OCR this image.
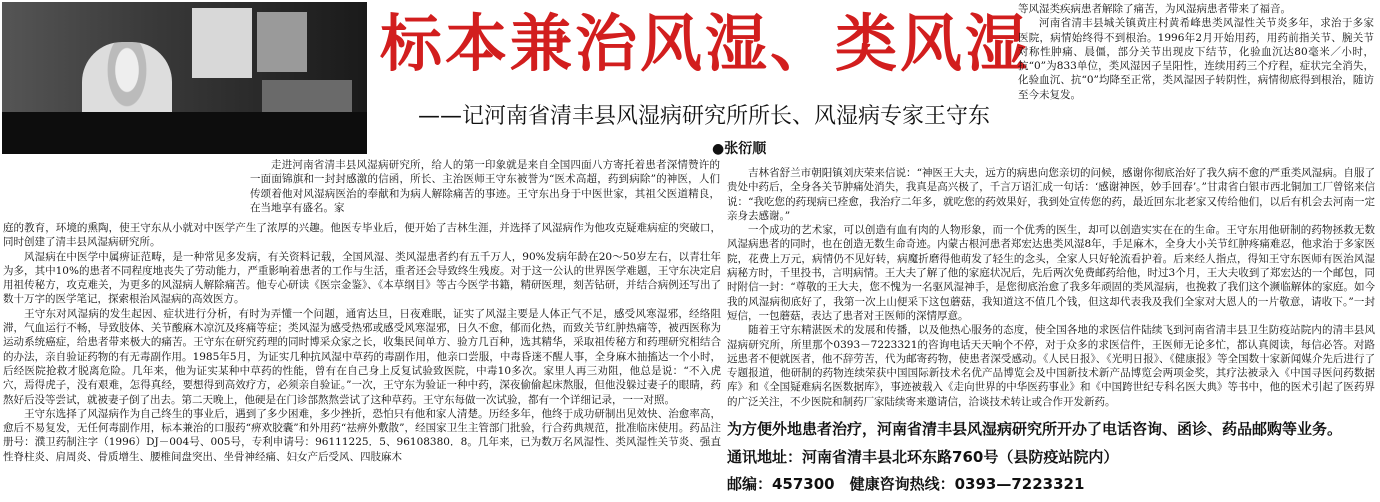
标本兼治风湿、类风湿
——记河南省清丰县风湿病研究所所长、风湿病专家王守东
●张衍顺

走进河南省清丰县风湿病研究所，给人的第一印象就是来自全国四面八方寄托着患者深情赞许的一面面锦旗和一封封感激的信函，所长、主治医师王守东被誉为“医术高超，药到病除”的神医，人们传颂着他对风湿病医治的奉献和为病人解除痛苦的事迹。王守东出身于中医世家，其祖父医道精良，在当地享有盛名。家

庭的教育，环境的熏陶，使王守东从小就对中医学产生了浓厚的兴趣。他医专毕业后，便开始了吉林生涯，并选择了风湿病作为他攻克疑难病症的突破口，同时创建了清丰县风湿病研究所。

风湿病在中医学中属痹证范畴，是一种常见多发病，有关资料记载，全国风湿、类风湿患者约有五千万人，90%发病年龄在20～50岁左右，以青壮年为多，其中10%的患者不同程度地丧失了劳动能力，严重影响着患者的工作与生活，重者还会导致终生残废。对于这一公认的世界医学难题，王守东决定启用祖传秘方，攻克难关，为更多的风湿病人解除痛苦。他专心研读《医宗金鉴》、《本草纲目》等古今医学书籍，精研医理，刻苦钻研，并结合病例还写出了数十万字的医学笔记，探索根治风湿病的高效医方。

王守东对风湿病的发生起因、症状进行分析，有时为弄懂一个问题，通宵达旦，日夜难眠，证实了风湿主要是人体正气不足，感受风寒湿邪，经络阻滞，气血运行不畅，导致肢体、关节酸麻木凉沉及疼痛等症；类风湿为感受热邪或感受风寒湿邪，日久不愈，郁而化热，而致关节红肿热痛等，被西医称为运动系统癌症，给患者带来极大的痛苦。王守东在研究药理的同时博采众家之长，收集民间单方、验方几百种，选其精华，采取祖传秘方和药理研究相结合的办法，亲自验证药物的有无毒副作用。1985年5月，为证实几种抗风湿中草药的毒副作用，他亲口尝服，中毒昏迷不醒人事，全身麻木抽搐达一个小时，后经医院抢救才脱离危险。几年来，他为证实某种中草药的性能，曾有在自己身上反复试验致医院，中毒10多次。家里人再三劝阻，他总是说：“不入虎穴，焉得虎子，没有艰难，怎得真经，要想得到高效疗方，必须亲自验证。”一次，王守东为验证一种中药，深夜偷偷起床熬服，但他没躲过妻子的眼睛，药熬好后没等尝试，就被妻子倒了出去。第二天晚上，他硬是在门诊部熬熬尝试了这种草药。王守东每做一次试验，都有一个详细记录，一一对照。

王守东选择了风湿病作为自己终生的事业后，遇到了多少困难，多少挫折，恐怕只有他和家人清楚。历经多年，他终于成功研制出见效快、治愈率高，愈后不易复发，无任何毒副作用，标本兼治的口服药“痹欢胶囊”和外用药“祛痹外敷散”，经国家卫生主管部门批验，行合药典规范，批准临床使用。药品注册号：濮卫药制注字（1996）DJ－004号、005号，专利申请号：96111225．5、96108380．8。几年来，已为数万名风湿性、类风湿性关节炎、强直性脊柱炎、肩周炎、骨质增生、腰椎间盘突出、坐骨神经痛、妇女产后受风、四肢麻木

等风湿类疾病患者解除了痛苦，为风湿病患者带来了福音。

河南省清丰县城关镇黄庄村黄希峰患类风湿性关节炎多年，求治于多家医院，病情始终得不到根治。1996年2月开始用药，用药前指关节、腕关节对称性肿痛、晨僵，部分关节出现皮下结节，化验血沉达80毫米／小时，抗“0”为833单位，类风湿因子呈阳性，连续用药三个疗程，症状完全消失，化验血沉、抗“0”均降至正常，类风湿因子转阴性，病情彻底得到根治，随访至今未复发。

吉林省舒兰市朝阳镇刘庆荣来信说：“神医王大夫，远方的病患向您亲切的问候，感谢你彻底治好了我久病不愈的严重类风湿病。自服了贵处中药后，全身各关节肿痛处消失，我真是高兴极了，千言万语汇成一句话：‘感谢神医，妙手回春’。”甘肃省白银市西北铜加工厂曾铭来信说：“我吃您的药现病已痊愈，我治疗二年多，就吃您的药效果好，我到处宣传您的药，最近回东北老家又传给他们，以后有机会去河南一定亲身去感谢。”

一个成功的艺术家，可以创造有血有肉的人物形象，而一个优秀的医生，却可以创造实实在在的生命。王守东用他研制的药物拯救无数风湿病患者的同时，也在创造无数生命奇迹。内蒙古根河患者郑宏达患类风湿8年，手足麻木，全身大小关节红肿疼痛难忍，他求治于多家医院，花费上万元，病情仍不见好转，病魔折磨得他萌发了轻生的念头，全家人只好轮流看护着。后来经人指点，得知王守东医师有医治风湿病秘方时，千里投书，言明病情。王大夫了解了他的家庭状况后，先后两次免费邮药给他，时过3个月，王大夫收到了郑宏达的一个邮包，同时附信一封：“尊敬的王大夫，您不愧为一名驱风湿神手，是您彻底治愈了我多年顽固的类风湿病，也挽救了我们这个濒临解体的家庭。如今我的风湿病彻底好了，我第一次上山便采下这包蘑菇，我知道这不值几个钱，但这却代表我及我们全家对大恩人的一片敬意，请收下。”一封短信，一包蘑菇，表达了患者对王医师的深情厚意。

随着王守东精湛医术的发展和传播，以及他热心服务的态度，使全国各地的求医信件陆续飞到河南省清丰县卫生防疫站院内的清丰县风湿病研究所，所里那个0393－7223321的咨询电话天天响个不停，对于众多的求医信件，王医师无论多忙，都认真阅读，每信必答。对路远患者不便就医者，他不辞劳苦，代为邮寄药物，使患者深受感动。《人民日报》、《光明日报》、《健康报》等全国数十家新闻媒介先后进行了专题报道，他研制的药物连续荣获中国国际新技术名优产品博览会及中国新技术新产品博览会两项金奖，其疗法被录入《中国寻医问药数据库》和《全国疑难病名医数据库》，事迹被载入《走向世界的中华医药事业》和《中国跨世纪专科名医大典》等书中，他的医术引起了医药界的广泛关注，不少医院和制药厂家陆续寄来邀请信，洽谈技术转让或合作开发新药。

为方便外地患者治疗，河南省清丰县风湿病研究所开办了电话咨询、函诊、药品邮购等业务。
通讯地址：河南省清丰县北环东路760号（县防疫站院内）
邮编：457300　健康咨询热线：0393—7223321
